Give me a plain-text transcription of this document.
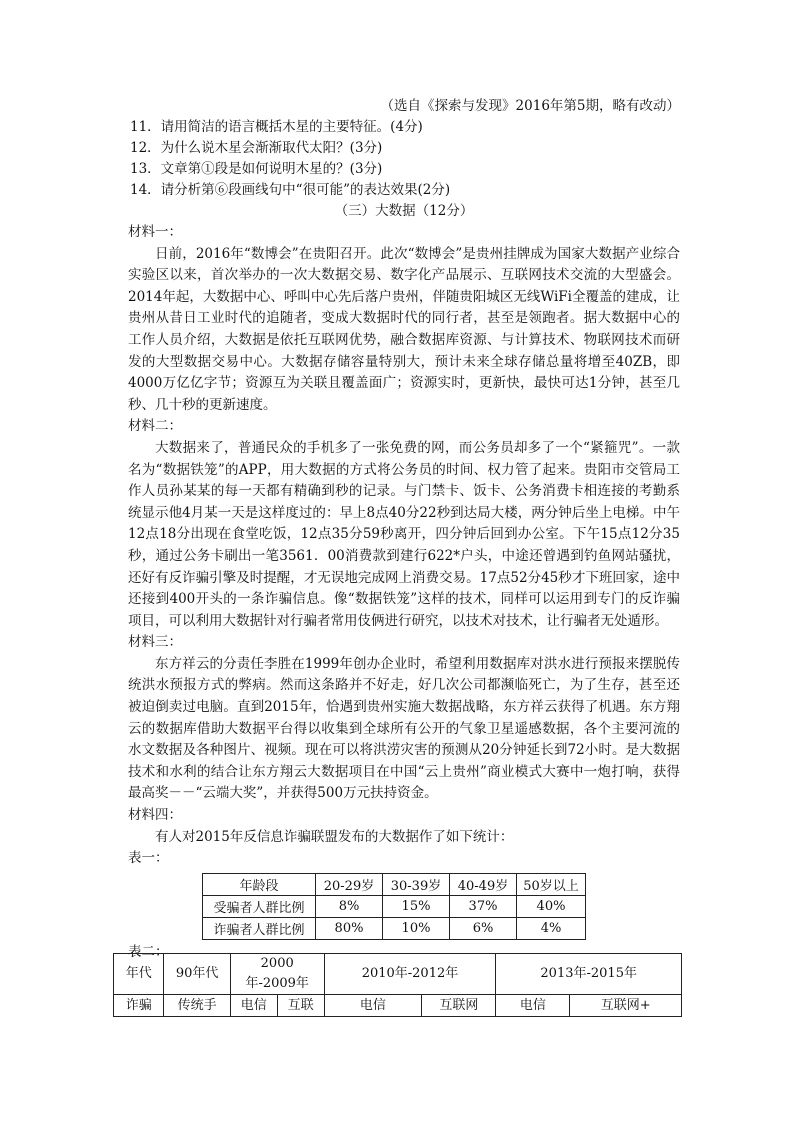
（选自《探索与发现》2016年第5期，略有改动）
11．请用简洁的语言概括木星的主要特征。(4分)
12．为什么说木星会渐渐取代太阳？(3分)
13．文章第①段是如何说明木星的？(3分)
14．请分析第⑥段画线句中“很可能”的表达效果(2分)
（三）大数据（12分）
材料一：

日前，2016年“数博会”在贵阳召开。此次“数博会”是贵州挂牌成为国家大数据产业综合实验区以来，首次举办的一次大数据交易、数字化产品展示、互联网技术交流的大型盛会。2014年起，大数据中心、呼叫中心先后落户贵州，伴随贵阳城区无线WiFi全覆盖的建成，让贵州从昔日工业时代的追随者，变成大数据时代的同行者，甚至是领跑者。据大数据中心的工作人员介绍，大数据是依托互联网优势，融合数据库资源、与计算技术、物联网技术而研发的大型数据交易中心。大数据存储容量特别大，预计未来全球存储总量将增至40ZB，即4000万亿亿字节；资源互为关联且覆盖面广；资源实时，更新快，最快可达1分钟，甚至几秒、几十秒的更新速度。

材料二：

大数据来了，普通民众的手机多了一张免费的网，而公务员却多了一个“紧箍咒”。一款名为“数据铁笼”的APP，用大数据的方式将公务员的时间、权力管了起来。贵阳市交管局工作人员孙某某的每一天都有精确到秒的记录。与门禁卡、饭卡、公务消费卡相连接的考勤系统显示他4月某一天是这样度过的：早上8点40分22秒到达局大楼，两分钟后坐上电梯。中午12点18分出现在食堂吃饭，12点35分59秒离开，四分钟后回到办公室。下午15点12分35秒，通过公务卡刷出一笔3561．00消费款到建行622*户头，中途还曾遇到钓鱼网站骚扰，还好有反诈骗引擎及时提醒，才无误地完成网上消费交易。17点52分45秒才下班回家，途中还接到400开头的一条诈骗信息。像“数据铁笼”这样的技术，同样可以运用到专门的反诈骗项目，可以利用大数据针对行骗者常用伎俩进行研究，以技术对技术，让行骗者无处遁形。

材料三：

东方祥云的分责任李胜在1999年创办企业时，希望利用数据库对洪水进行预报来摆脱传统洪水预报方式的弊病。然而这条路并不好走，好几次公司都濒临死亡，为了生存，甚至还被迫倒卖过电脑。直到2015年，恰遇到贵州实施大数据战略，东方祥云获得了机遇。东方翔云的数据库借助大数据平台得以收集到全球所有公开的气象卫星遥感数据，各个主要河流的水文数据及各种图片、视频。现在可以将洪涝灾害的预测从20分钟延长到72小时。是大数据技术和水利的结合让东方翔云大数据项目在中国“云上贵州”商业模式大赛中一炮打响，获得最高奖－－“云端大奖”，并获得500万元扶持资金。

材料四：

有人对2015年反信息诈骗联盟发布的大数据作了如下统计：

表一：
年龄段	20-29岁	30-39岁	40-49岁	50岁以上
受骗者人群比例	8%	15%	37%	40%
诈骗者人群比例	80%	10%	6%	4%
表二：
年代	90年代	2000年-2009年		2010年-2012年		2013年-2015年	
诈骗	传统手	电信	互联	电信	互联网	电信	互联网+
